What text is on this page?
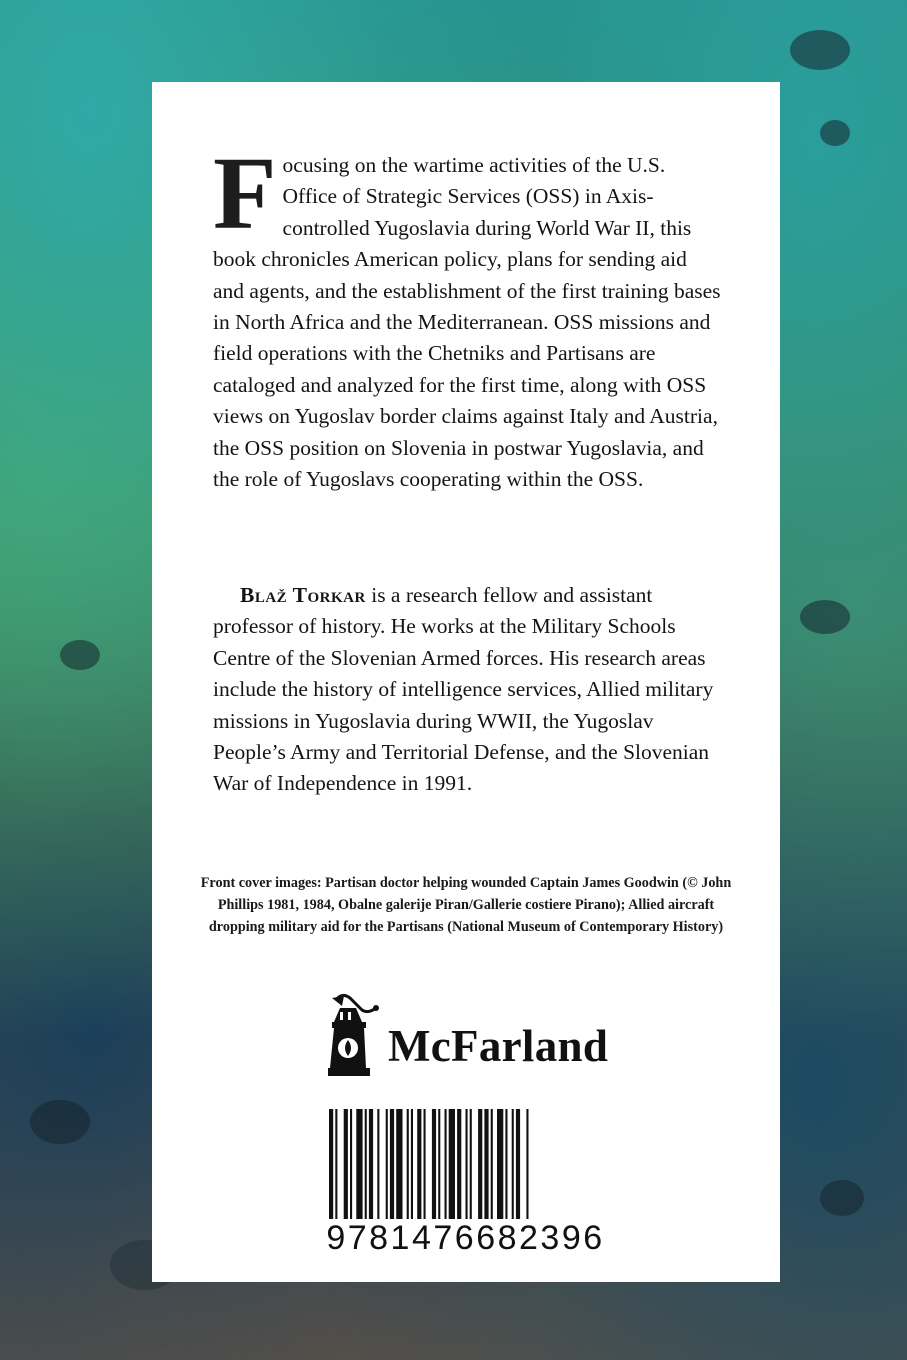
Focusing on the wartime activities of the U.S. Office of Strategic Services (OSS) in Axis-controlled Yugoslavia during World War II, this book chronicles American policy, plans for sending aid and agents, and the establishment of the first training bases in North Africa and the Mediterranean. OSS missions and field operations with the Chetniks and Partisans are cataloged and analyzed for the first time, along with OSS views on Yugoslav border claims against Italy and Austria, the OSS position on Slovenia in postwar Yugoslavia, and the role of Yugoslavs cooperating within the OSS.
Blaž Torkar is a research fellow and assistant professor of history. He works at the Military Schools Centre of the Slovenian Armed forces. His research areas include the history of intelligence services, Allied military missions in Yugoslavia during WWII, the Yugoslav People’s Army and Territorial Defense, and the Slovenian War of Independence in 1991.
Front cover images: Partisan doctor helping wounded Captain James Goodwin (© John Phillips 1981, 1984, Obalne galerije Piran/Gallerie costiere Pirano); Allied aircraft dropping military aid for the Partisans (National Museum of Contemporary History)
McFarland
9781476682396
